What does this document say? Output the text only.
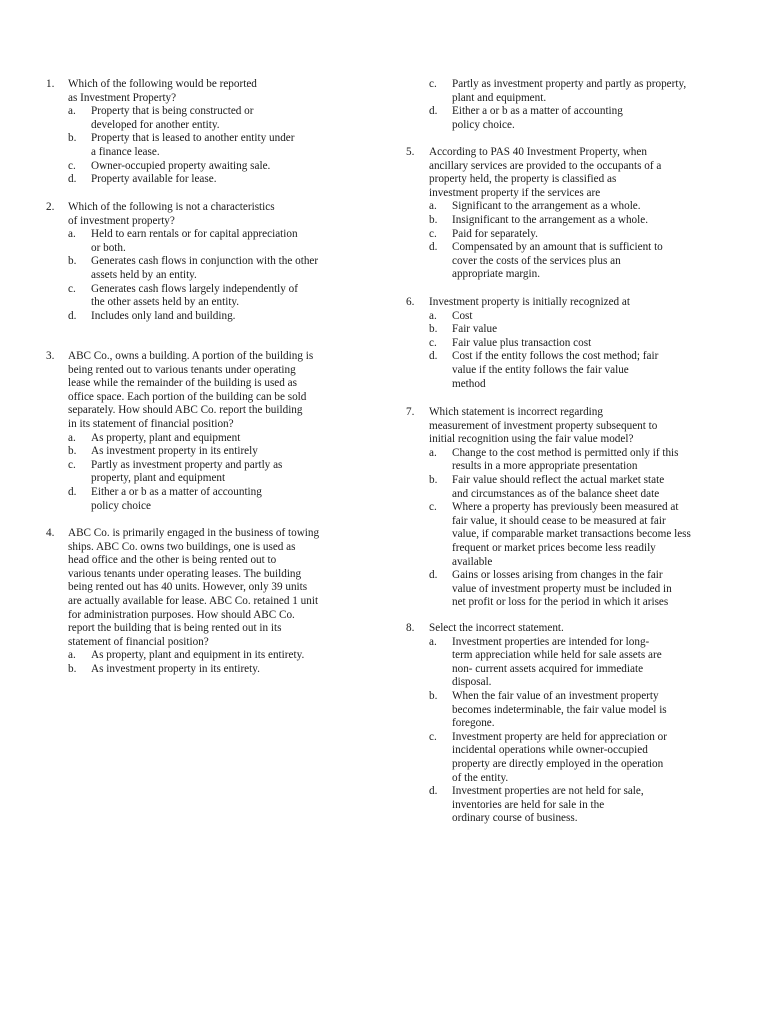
1. Which of the following would be reported
as Investment Property?
a. Property that is being constructed or
developed for another entity.
b. Property that is leased to another entity under
a finance lease.
c. Owner-occupied property awaiting sale.
d. Property available for lease.
2. Which of the following is not a characteristics
of investment property?
a. Held to earn rentals or for capital appreciation
or both.
b. Generates cash flows in conjunction with the other
assets held by an entity.
c. Generates cash flows largely independently of
the other assets held by an entity.
d. Includes only land and building.
3. ABC Co., owns a building. A portion of the building is
being rented out to various tenants under operating
lease while the remainder of the building is used as
office space. Each portion of the building can be sold
separately. How should ABC Co. report the building
in its statement of financial position?
a. As property, plant and equipment
b. As investment property in its entirely
c. Partly as investment property and partly as
property, plant and equipment
d. Either a or b as a matter of accounting
policy choice
4. ABC Co. is primarily engaged in the business of towing
ships. ABC Co. owns two buildings, one is used as
head office and the other is being rented out to
various tenants under operating leases. The building
being rented out has 40 units. However, only 39 units
are actually available for lease. ABC Co. retained 1 unit
for administration purposes. How should ABC Co.
report the building that is being rented out in its
statement of financial position?
a. As property, plant and equipment in its entirety.
b. As investment property in its entirety.
c. Partly as investment property and partly as property,
plant and equipment.
d. Either a or b as a matter of accounting
policy choice.
5. According to PAS 40 Investment Property, when
ancillary services are provided to the occupants of a
property held, the property is classified as
investment property if the services are
a. Significant to the arrangement as a whole.
b. Insignificant to the arrangement as a whole.
c. Paid for separately.
d. Compensated by an amount that is sufficient to
cover the costs of the services plus an
appropriate margin.
6. Investment property is initially recognized at
a. Cost
b. Fair value
c. Fair value plus transaction cost
d. Cost if the entity follows the cost method; fair
value if the entity follows the fair value
method
7. Which statement is incorrect regarding
measurement of investment property subsequent to
initial recognition using the fair value model?
a. Change to the cost method is permitted only if this
results in a more appropriate presentation
b. Fair value should reflect the actual market state
and circumstances as of the balance sheet date
c. Where a property has previously been measured at
fair value, it should cease to be measured at fair
value, if comparable market transactions become less
frequent or market prices become less readily
available
d. Gains or losses arising from changes in the fair
value of investment property must be included in
net profit or loss for the period in which it arises
8. Select the incorrect statement.
a. Investment properties are intended for long-
term appreciation while held for sale assets are
non- current assets acquired for immediate
disposal.
b. When the fair value of an investment property
becomes indeterminable, the fair value model is
foregone.
c. Investment property are held for appreciation or
incidental operations while owner-occupied
property are directly employed in the operation
of the entity.
d. Investment properties are not held for sale,
inventories are held for sale in the
ordinary course of business.
